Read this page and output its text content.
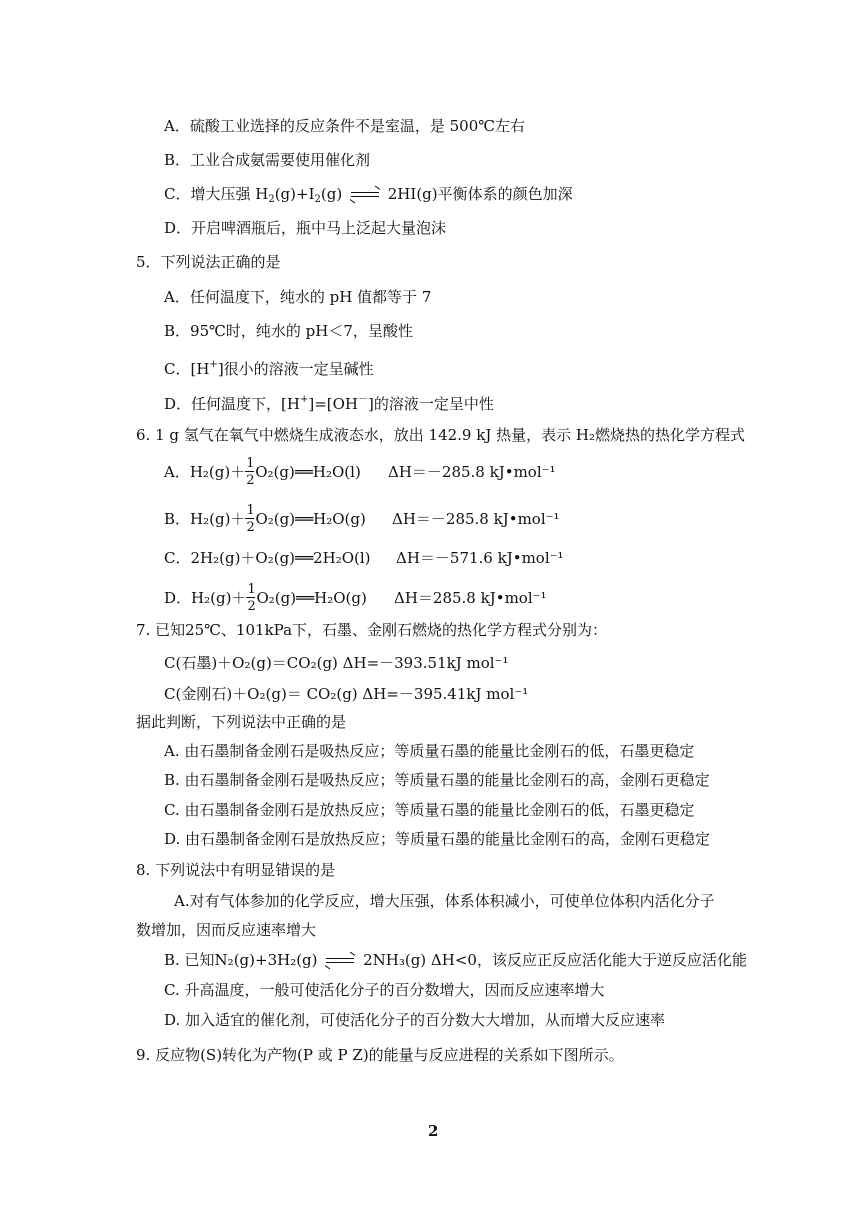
A．硫酸工业选择的反应条件不是室温，是 500℃左右
B．工业合成氨需要使用催化剂
C．增大压强 $H_2(g)+I_2(g)$ ⇌ 2HI(g)平衡体系的颜色加深
D．开启啤酒瓶后，瓶中马上泛起大量泡沫
5．下列说法正确的是
A．任何温度下，纯水的 pH 值都等于 7
B．95℃时，纯水的 pH＜7，呈酸性
C．[H+]很小的溶液一定呈碱性
D．任何温度下，[H+]=[OH－]的溶液一定呈中性
6. 1 g 氢气在氧气中燃烧生成液态水，放出 142.9 kJ 热量，表示 H₂燃烧热的热化学方程式
A．$H_2(g)+ \frac{1}{2}$ O₂(g)══H₂O(l) ΔH＝－285.8 kJ•mol⁻¹
B．$H_2(g)+ \frac{1}{2}$ O₂(g)══H₂O(g) ΔH＝－285.8 kJ•mol⁻¹
C．2H₂(g)＋O₂(g)══2H₂O(l) ΔH＝－571.6 kJ•mol⁻¹
D．$H_2(g)+ \frac{1}{2}$ O₂(g)══H₂O(g) ΔH＝285.8 kJ•mol⁻¹
7. 已知25℃、101kPa下，石墨、金刚石燃烧的热化学方程式分别为：
C(石墨)＋O₂(g)＝CO₂(g) ΔH=－393.51kJ mol⁻¹
C(金刚石)＋O₂(g)＝ CO₂(g) ΔH=－395.41kJ mol⁻¹
据此判断，下列说法中正确的是
A. 由石墨制备金刚石是吸热反应；等质量石墨的能量比金刚石的低，石墨更稳定
B. 由石墨制备金刚石是吸热反应；等质量石墨的能量比金刚石的高，金刚石更稳定
C. 由石墨制备金刚石是放热反应；等质量石墨的能量比金刚石的低，石墨更稳定
D. 由石墨制备金刚石是放热反应；等质量石墨的能量比金刚石的高，金刚石更稳定
8. 下列说法中有明显错误的是
A.对有气体参加的化学反应，增大压强，体系体积减小，可使单位体积内活化分子
数增加，因而反应速率增大
B. 已知N₂(g)+3H₂(g) ⇌ 2NH₃(g) ΔH<0，该反应正反应活化能大于逆反应活化能
C. 升高温度，一般可使活化分子的百分数增大，因而反应速率增大
D. 加入适宜的催化剂，可使活化分子的百分数大大增加，从而增大反应速率
9. 反应物(S)转化为产物(P 或 P Z)的能量与反应进程的关系如下图所示。
2
